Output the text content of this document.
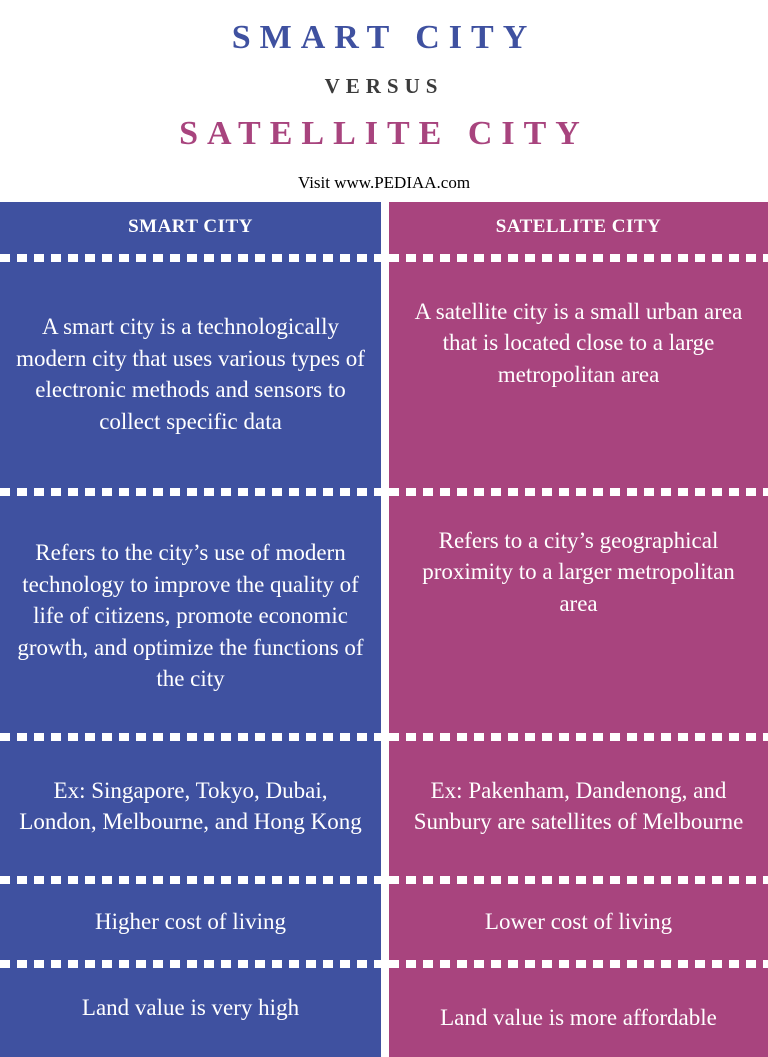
SMART CITY
VERSUS
SATELLITE CITY
Visit www.PEDIAA.com
SMART CITY
A smart city is a technologically modern city that uses various types of electronic methods and sensors to collect specific data
Refers to the city’s use of modern technology to improve the quality of life of citizens, promote economic growth, and optimize the functions of the city
Ex: Singapore, Tokyo, Dubai, London, Melbourne, and Hong Kong
Higher cost of living
Land value is very high
SATELLITE CITY
A satellite city is a small urban area that is located close to a large metropolitan area
Refers to a city’s geographical proximity to a larger metropolitan area
Ex: Pakenham, Dandenong, and Sunbury are satellites of Melbourne
Lower cost of living
Land value is more affordable
